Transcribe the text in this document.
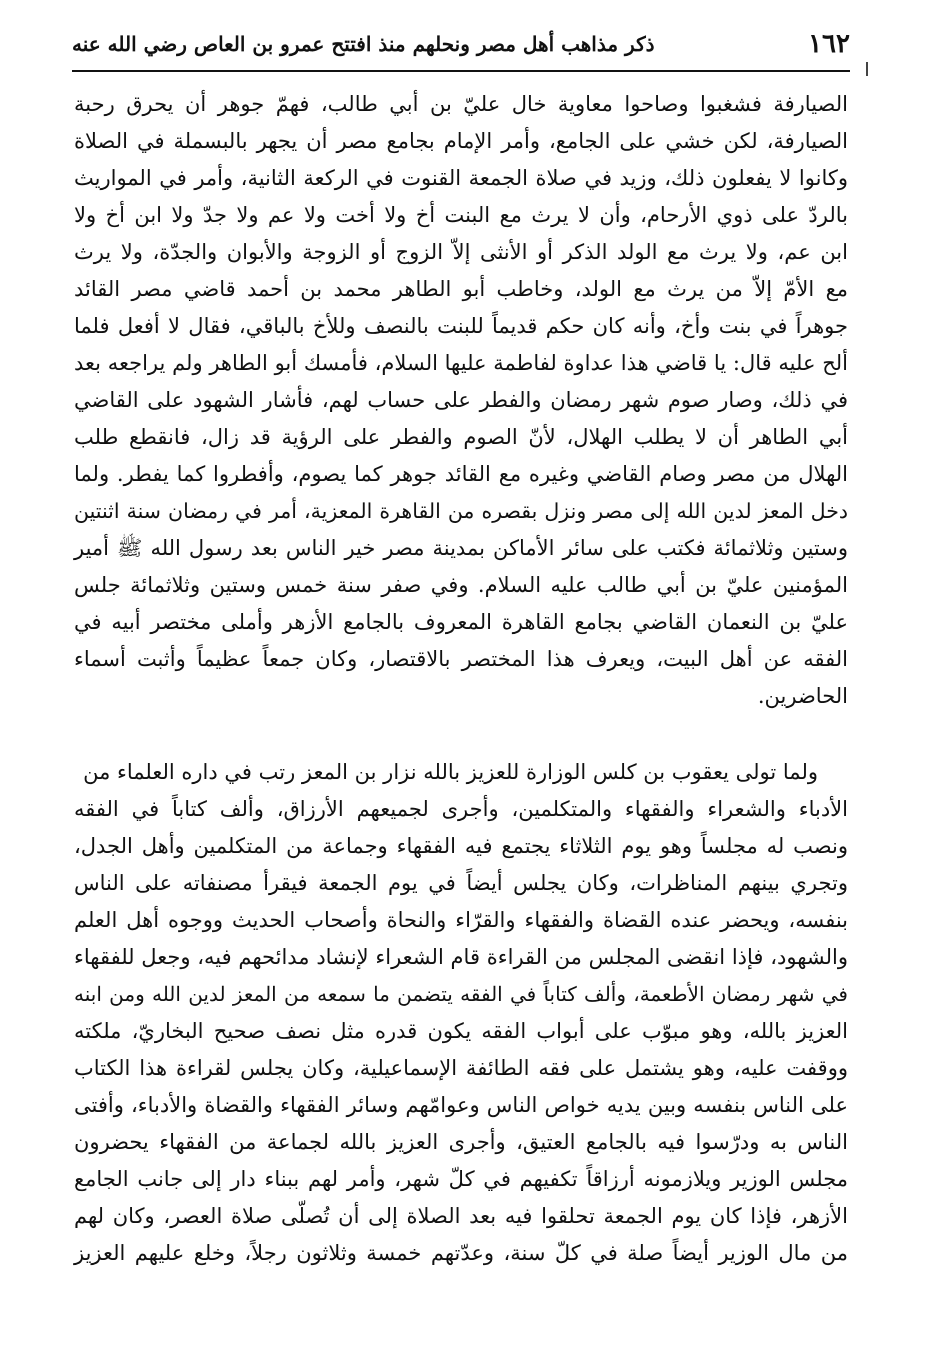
١٦٢
ذكر مذاهب أهل مصر ونحلهم منذ افتتح عمرو بن العاص رضي الله عنه
الصيارفة فشغبوا وصاحوا معاوية خال عليّ بن أبي طالب، فهمّ جوهر أن يحرق رحبة
الصيارفة، لكن خشي على الجامع، وأمر الإمام بجامع مصر أن يجهر بالبسملة في الصلاة
وكانوا لا يفعلون ذلك، وزيد في صلاة الجمعة القنوت في الركعة الثانية، وأمر في المواريث
بالردّ على ذوي الأرحام، وأن لا يرث مع البنت أخ ولا أخت ولا عم ولا جدّ ولا ابن أخ ولا
ابن عم، ولا يرث مع الولد الذكر أو الأنثى إلاّ الزوج أو الزوجة والأبوان والجدّة، ولا يرث
مع الأمّ إلاّ من يرث مع الولد، وخاطب أبو الطاهر محمد بن أحمد قاضي مصر القائد
جوهراً في بنت وأخ، وأنه كان حكم قديماً للبنت بالنصف وللأخ بالباقي، فقال لا أفعل فلما
ألح عليه قال: يا قاضي هذا عداوة لفاطمة عليها السلام، فأمسك أبو الطاهر ولم يراجعه بعد
في ذلك، وصار صوم شهر رمضان والفطر على حساب لهم، فأشار الشهود على القاضي
أبي الطاهر أن لا يطلب الهلال، لأنّ الصوم والفطر على الرؤية قد زال، فانقطع طلب
الهلال من مصر وصام القاضي وغيره مع القائد جوهر كما يصوم، وأفطروا كما يفطر. ولما
دخل المعز لدين الله إلى مصر ونزل بقصره من القاهرة المعزية، أمر في رمضان سنة اثنتين
وستين وثلاثمائة فكتب على سائر الأماكن بمدينة مصر خير الناس بعد رسول الله ﷺ أمير
المؤمنين عليّ بن أبي طالب عليه السلام. وفي صفر سنة خمس وستين وثلاثمائة جلس
عليّ بن النعمان القاضي بجامع القاهرة المعروف بالجامع الأزهر وأملى مختصر أبيه في
الفقه عن أهل البيت، ويعرف هذا المختصر بالاقتصار، وكان جمعاً عظيماً وأثبت أسماء
الحاضرين.
ولما تولى يعقوب بن كلس الوزارة للعزيز بالله نزار بن المعز رتب في داره العلماء من
الأدباء والشعراء والفقهاء والمتكلمين، وأجرى لجميعهم الأرزاق، وألف كتاباً في الفقه
ونصب له مجلساً وهو يوم الثلاثاء يجتمع فيه الفقهاء وجماعة من المتكلمين وأهل الجدل،
وتجري بينهم المناظرات، وكان يجلس أيضاً في يوم الجمعة فيقرأ مصنفاته على الناس
بنفسه، ويحضر عنده القضاة والفقهاء والقرّاء والنحاة وأصحاب الحديث ووجوه أهل العلم
والشهود، فإذا انقضى المجلس من القراءة قام الشعراء لإنشاد مدائحهم فيه، وجعل للفقهاء
في شهر رمضان الأطعمة، وألف كتاباً في الفقه يتضمن ما سمعه من المعز لدين الله ومن ابنه
العزيز بالله، وهو مبوّب على أبواب الفقه يكون قدره مثل نصف صحيح البخاريّ، ملكته
ووقفت عليه، وهو يشتمل على فقه الطائفة الإسماعيلية، وكان يجلس لقراءة هذا الكتاب
على الناس بنفسه وبين يديه خواص الناس وعوامّهم وسائر الفقهاء والقضاة والأدباء، وأفتى
الناس به ودرّسوا فيه بالجامع العتيق، وأجرى العزيز بالله لجماعة من الفقهاء يحضرون
مجلس الوزير ويلازمونه أرزاقاً تكفيهم في كلّ شهر، وأمر لهم ببناء دار إلى جانب الجامع
الأزهر، فإذا كان يوم الجمعة تحلقوا فيه بعد الصلاة إلى أن تُصلّى صلاة العصر، وكان لهم
من مال الوزير أيضاً صلة في كلّ سنة، وعدّتهم خمسة وثلاثون رجلاً، وخلع عليهم العزيز
